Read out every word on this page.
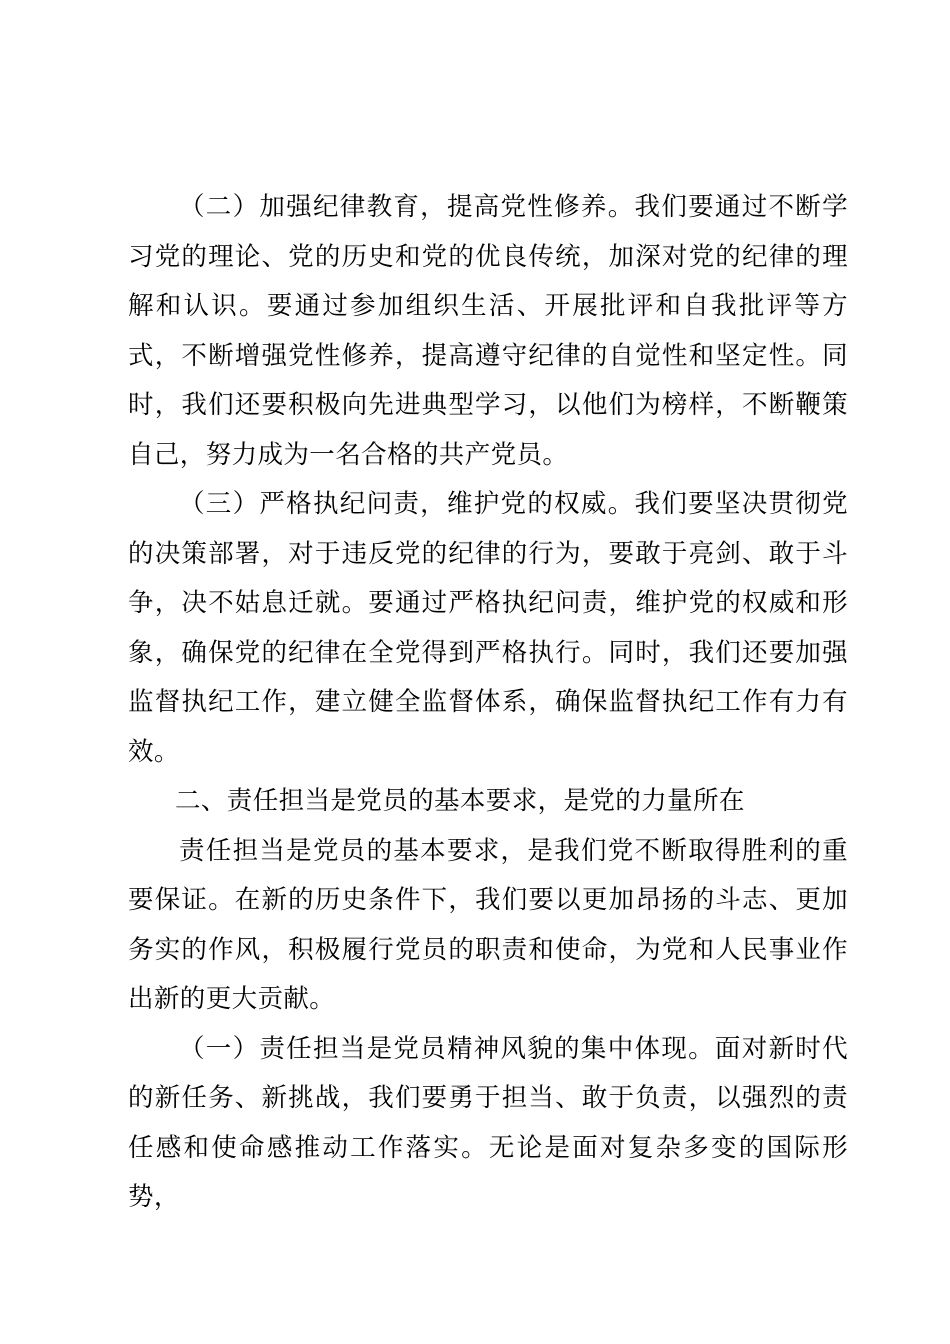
（二）加强纪律教育，提高党性修养。我们要通过不断学习党的理论、党的历史和党的优良传统，加深对党的纪律的理解和认识。要通过参加组织生活、开展批评和自我批评等方式，不断增强党性修养，提高遵守纪律的自觉性和坚定性。同时，我们还要积极向先进典型学习，以他们为榜样，不断鞭策自己，努力成为一名合格的共产党员。

（三）严格执纪问责，维护党的权威。我们要坚决贯彻党的决策部署，对于违反党的纪律的行为，要敢于亮剑、敢于斗争，决不姑息迁就。要通过严格执纪问责，维护党的权威和形象，确保党的纪律在全党得到严格执行。同时，我们还要加强监督执纪工作，建立健全监督体系，确保监督执纪工作有力有效。

二、责任担当是党员的基本要求，是党的力量所在

责任担当是党员的基本要求，是我们党不断取得胜利的重要保证。在新的历史条件下，我们要以更加昂扬的斗志、更加务实的作风，积极履行党员的职责和使命，为党和人民事业作出新的更大贡献。

（一）责任担当是党员精神风貌的集中体现。面对新时代的新任务、新挑战，我们要勇于担当、敢于负责，以强烈的责任感和使命感推动工作落实。无论是面对复杂多变的国际形势，
